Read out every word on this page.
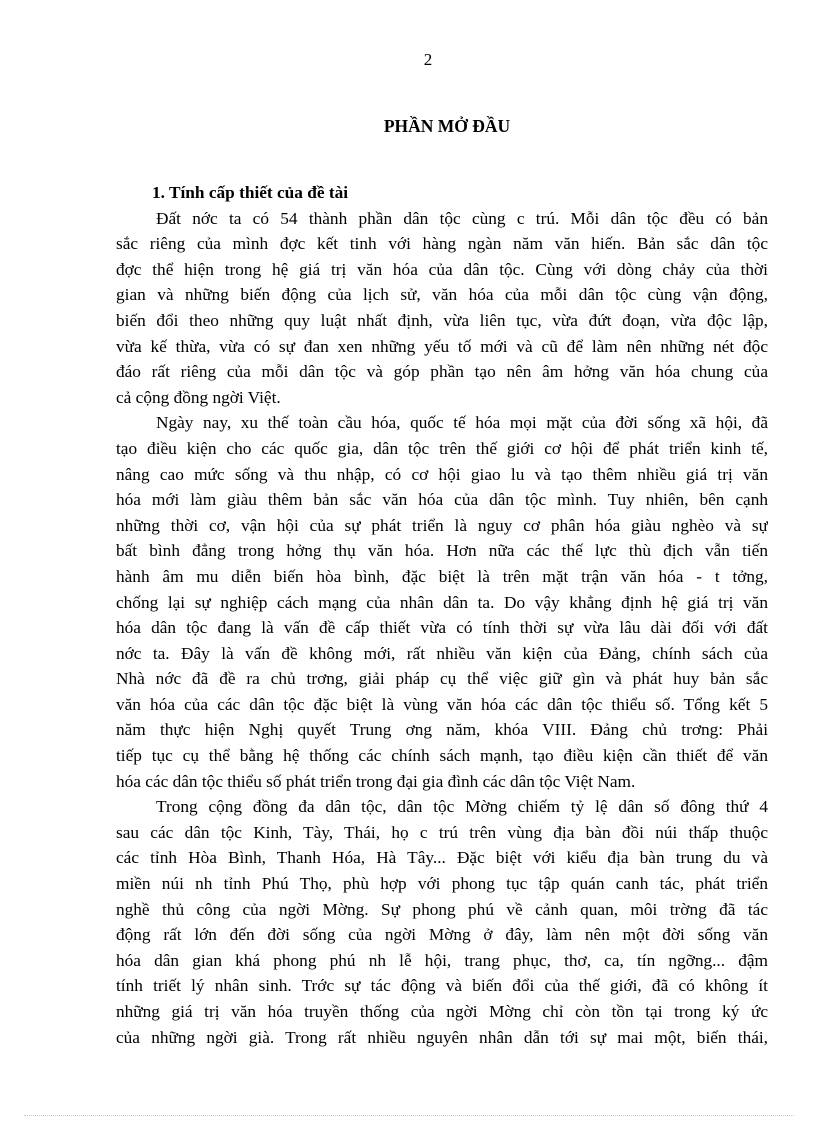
2
PHẦN MỞ ĐẦU
1. Tính cấp thiết của đề tài
Đất nớc ta có 54 thành phần dân tộc cùng c trú. Mỗi dân tộc đều có bản
sắc riêng của mình đợc kết tinh với hàng ngàn năm văn hiến. Bản sắc dân tộc
đợc thể hiện trong hệ giá trị văn hóa của dân tộc. Cùng với dòng chảy của thời
gian và những biến động của lịch sử, văn hóa của mỗi dân tộc cùng vận động,
biến đổi theo những quy luật nhất định, vừa liên tục, vừa đứt đoạn, vừa độc lập,
vừa kế thừa, vừa có sự đan xen những yếu tố mới và cũ để làm nên những nét độc
đáo rất riêng của mỗi dân tộc và góp phần tạo nên âm hởng văn hóa chung của
cả cộng đồng ngời Việt.
Ngày nay, xu thế toàn cầu hóa, quốc tế hóa mọi mặt của đời sống xã hội, đã
tạo điều kiện cho các quốc gia, dân tộc trên thế giới cơ hội để phát triển kinh tế,
nâng cao mức sống và thu nhập, có cơ hội giao lu và tạo thêm nhiều giá trị văn
hóa mới làm giàu thêm bản sắc văn hóa của dân tộc mình. Tuy nhiên, bên cạnh
những thời cơ, vận hội của sự phát triển là nguy cơ phân hóa giàu nghèo và sự
bất bình đẳng trong hởng thụ văn hóa. Hơn nữa các thế lực thù địch vẫn tiến
hành âm mu diễn biến hòa bình, đặc biệt là trên mặt trận văn hóa - t tởng,
chống lại sự nghiệp cách mạng của nhân dân ta. Do vậy khẳng định hệ giá trị văn
hóa dân tộc đang là vấn đề cấp thiết vừa có tính thời sự vừa lâu dài đối với đất
nớc ta. Đây là vấn đề không mới, rất nhiều văn kiện của Đảng, chính sách của
Nhà nớc đã đề ra chủ trơng, giải pháp cụ thể việc giữ gìn và phát huy bản sắc
văn hóa của các dân tộc đặc biệt là vùng văn hóa các dân tộc thiểu số. Tổng kết 5
năm thực hiện Nghị quyết Trung ơng năm, khóa VIII. Đảng chủ trơng: Phải
tiếp tục cụ thể bằng hệ thống các chính sách mạnh, tạo điều kiện cần thiết để văn
hóa các dân tộc thiểu số phát triển trong đại gia đình các dân tộc Việt Nam.
Trong cộng đồng đa dân tộc, dân tộc Mờng chiếm tỷ lệ dân số đông thứ 4
sau các dân tộc Kinh, Tày, Thái, họ c trú trên vùng địa bàn đồi núi thấp thuộc
các tỉnh Hòa Bình, Thanh Hóa, Hà Tây... Đặc biệt với kiểu địa bàn trung du và
miền núi nh tỉnh Phú Thọ, phù hợp với phong tục tập quán canh tác, phát triển
nghề thủ công của ngời Mờng. Sự phong phú về cảnh quan, môi trờng đã tác
động rất lớn đến đời sống của ngời Mờng ở đây, làm nên một đời sống văn
hóa dân gian khá phong phú nh lễ hội, trang phục, thơ, ca, tín ngỡng... đậm
tính triết lý nhân sinh. Trớc sự tác động và biến đổi của thế giới, đã có không ít
những giá trị văn hóa truyền thống của ngời Mờng chỉ còn tồn tại trong ký ức
của những ngời già. Trong rất nhiều nguyên nhân dẫn tới sự mai một, biến thái,
